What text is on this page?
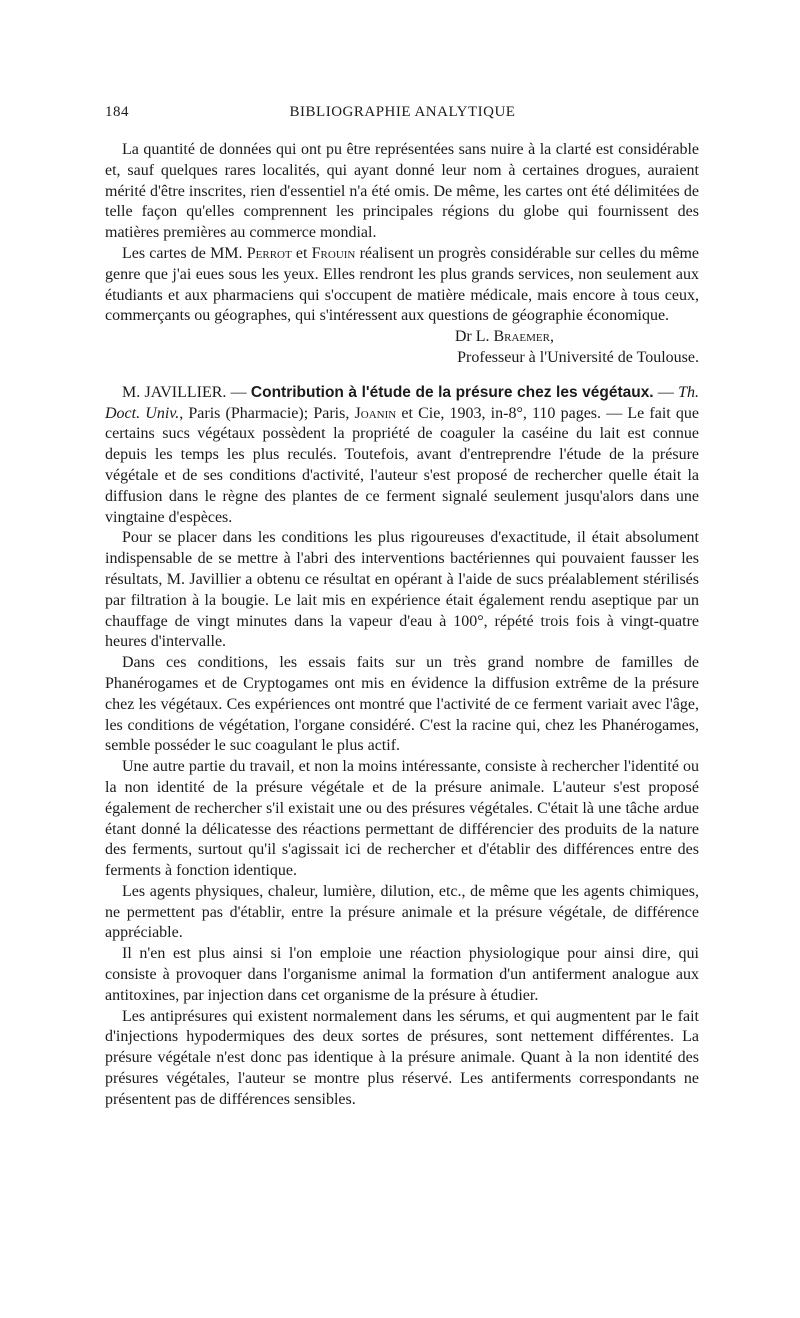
184	BIBLIOGRAPHIE ANALYTIQUE

La quantité de données qui ont pu être représentées sans nuire à la clarté est considérable et, sauf quelques rares localités, qui ayant donné leur nom à certaines drogues, auraient mérité d'être inscrites, rien d'essentiel n'a été omis. De même, les cartes ont été délimitées de telle façon qu'elles comprennent les principales régions du globe qui fournissent des matières premières au commerce mondial.

Les cartes de MM. Perrot et Frouin réalisent un progrès considérable sur celles du même genre que j'ai eues sous les yeux. Elles rendront les plus grands services, non seulement aux étudiants et aux pharmaciens qui s'occupent de matière médicale, mais encore à tous ceux, commerçants ou géographes, qui s'intéressent aux questions de géographie économique.

Dr L. Braemer,

Professeur à l'Université de Toulouse.

M. JAVILLIER. — Contribution à l'étude de la présure chez les végétaux. — Th. Doct. Univ., Paris (Pharmacie); Paris, Joanin et Cie, 1903, in-8°, 110 pages. — Le fait que certains sucs végétaux possèdent la propriété de coaguler la caséine du lait est connue depuis les temps les plus reculés. Toutefois, avant d'entreprendre l'étude de la présure végétale et de ses conditions d'activité, l'auteur s'est proposé de rechercher quelle était la diffusion dans le règne des plantes de ce ferment signalé seulement jusqu'alors dans une vingtaine d'espèces.

Pour se placer dans les conditions les plus rigoureuses d'exactitude, il était absolument indispensable de se mettre à l'abri des interventions bactériennes qui pouvaient fausser les résultats, M. Javillier a obtenu ce résultat en opérant à l'aide de sucs préalablement stérilisés par filtration à la bougie. Le lait mis en expérience était également rendu aseptique par un chauffage de vingt minutes dans la vapeur d'eau à 100°, répété trois fois à vingt-quatre heures d'intervalle.

Dans ces conditions, les essais faits sur un très grand nombre de familles de Phanérogames et de Cryptogames ont mis en évidence la diffusion extrême de la présure chez les végétaux. Ces expériences ont montré que l'activité de ce ferment variait avec l'âge, les conditions de végétation, l'organe considéré. C'est la racine qui, chez les Phanérogames, semble posséder le suc coagulant le plus actif.

Une autre partie du travail, et non la moins intéressante, consiste à rechercher l'identité ou la non identité de la présure végétale et de la présure animale. L'auteur s'est proposé également de rechercher s'il existait une ou des présures végétales. C'était là une tâche ardue étant donné la délicatesse des réactions permettant de différencier des produits de la nature des ferments, surtout qu'il s'agissait ici de rechercher et d'établir des différences entre des ferments à fonction identique.

Les agents physiques, chaleur, lumière, dilution, etc., de même que les agents chimiques, ne permettent pas d'établir, entre la présure animale et la présure végétale, de différence appréciable.

Il n'en est plus ainsi si l'on emploie une réaction physiologique pour ainsi dire, qui consiste à provoquer dans l'organisme animal la formation d'un antiferment analogue aux antitoxines, par injection dans cet organisme de la présure à étudier.

Les antiprésures qui existent normalement dans les sérums, et qui augmentent par le fait d'injections hypodermiques des deux sortes de présures, sont nettement différentes. La présure végétale n'est donc pas identique à la présure animale. Quant à la non identité des présures végétales, l'auteur se montre plus réservé. Les antiferments correspondants ne présentent pas de différences sensibles.
